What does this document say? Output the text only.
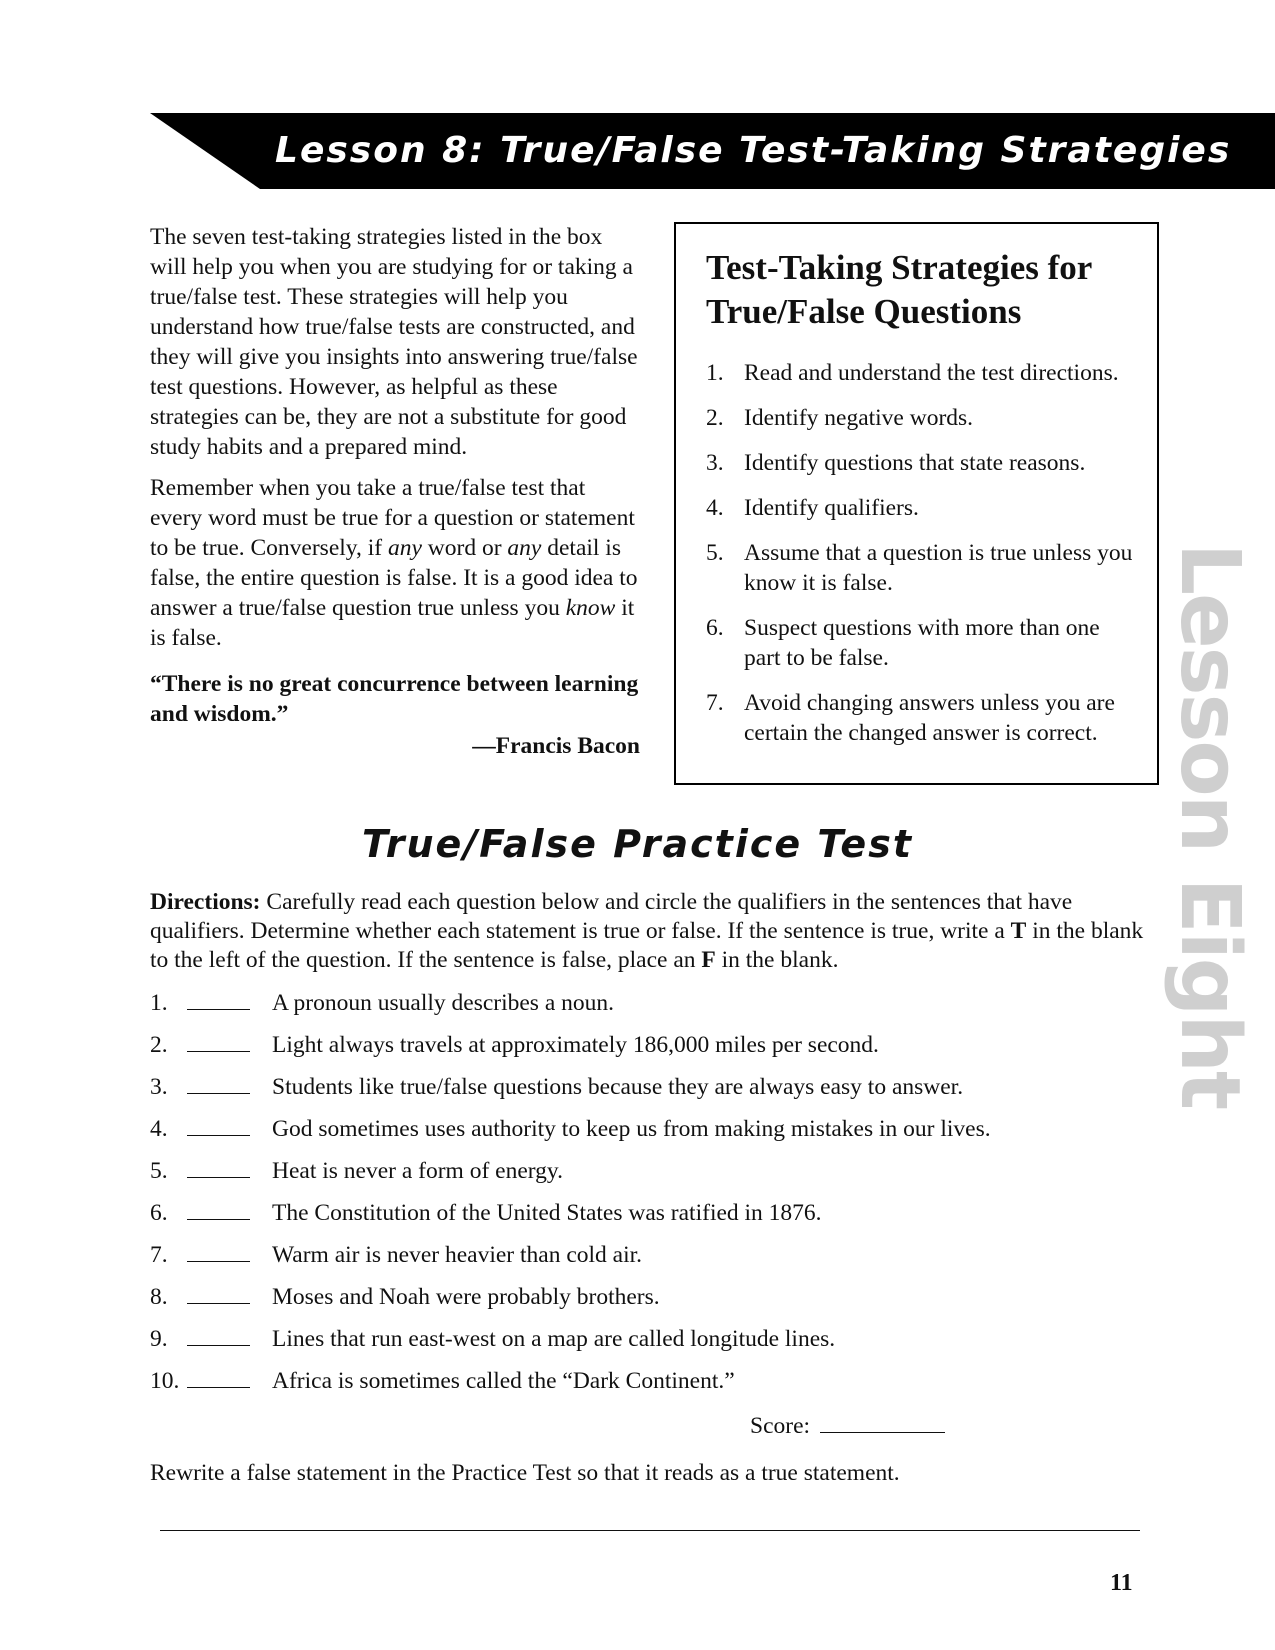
Lesson 8: True/False Test-Taking Strategies

The seven test-taking strategies listed in the box will help you when you are studying for or taking a true/false test. These strategies will help you understand how true/false tests are constructed, and they will give you insights into answering true/false test questions. However, as helpful as these strategies can be, they are not a substitute for good study habits and a prepared mind.

Remember when you take a true/false test that every word must be true for a question or statement to be true. Conversely, if any word or any detail is false, the entire question is false. It is a good idea to answer a true/false question true unless you know it is false.

“There is no great concurrence between learning and wisdom.”
—Francis Bacon
Test-Taking Strategies for True/False Questions
1. Read and understand the test directions.
2. Identify negative words.
3. Identify questions that state reasons.
4. Identify qualifiers.
5. Assume that a question is true unless you know it is false.
6. Suspect questions with more than one part to be false.
7. Avoid changing answers unless you are certain the changed answer is correct. Lesson Eight
True/False Practice Test
Directions: Carefully read each question below and circle the qualifiers in the sentences that have qualifiers. Determine whether each statement is true or false. If the sentence is true, write a T in the blank to the left of the question. If the sentence is false, place an F in the blank.
1.	A pronoun usually describes a noun.
2.	Light always travels at approximately 186,000 miles per second.
3.	Students like true/false questions because they are always easy to answer.
4.	God sometimes uses authority to keep us from making mistakes in our lives.
5.	Heat is never a form of energy.
6.	The Constitution of the United States was ratified in 1876.
7.	Warm air is never heavier than cold air.
8.	Moses and Noah were probably brothers.
9.	Lines that run east-west on a map are called longitude lines.
10.	Africa is sometimes called the “Dark Continent.”
Score:
Rewrite a false statement in the Practice Test so that it reads as a true statement.
11
